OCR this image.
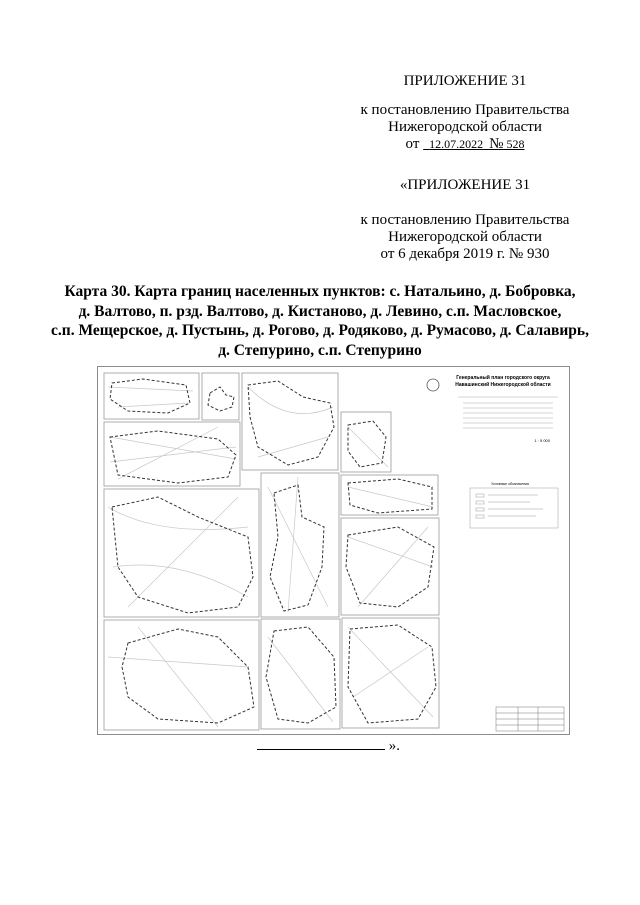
ПРИЛОЖЕНИЕ 31
к постановлению Правительства
Нижегородской области
от 12.07.2022 № 528
«ПРИЛОЖЕНИЕ 31
к постановлению Правительства
Нижегородской области
от 6 декабря 2019 г. № 930
Карта 30. Карта границ населенных пунктов: с. Натальино, д. Бобровка,
д. Валтово, п. рзд. Валтово, д. Кистаново, д. Левино, с.п. Масловское,
с.п. Мещерское, д. Пустынь, д. Рогово, д. Родяково, д. Румасово, д. Салавирь,
д. Степурино, с.п. Степурино
Генеральный план городского округа
Навашинский Нижегородской области
1 : 5 000
Условные обозначения
».
